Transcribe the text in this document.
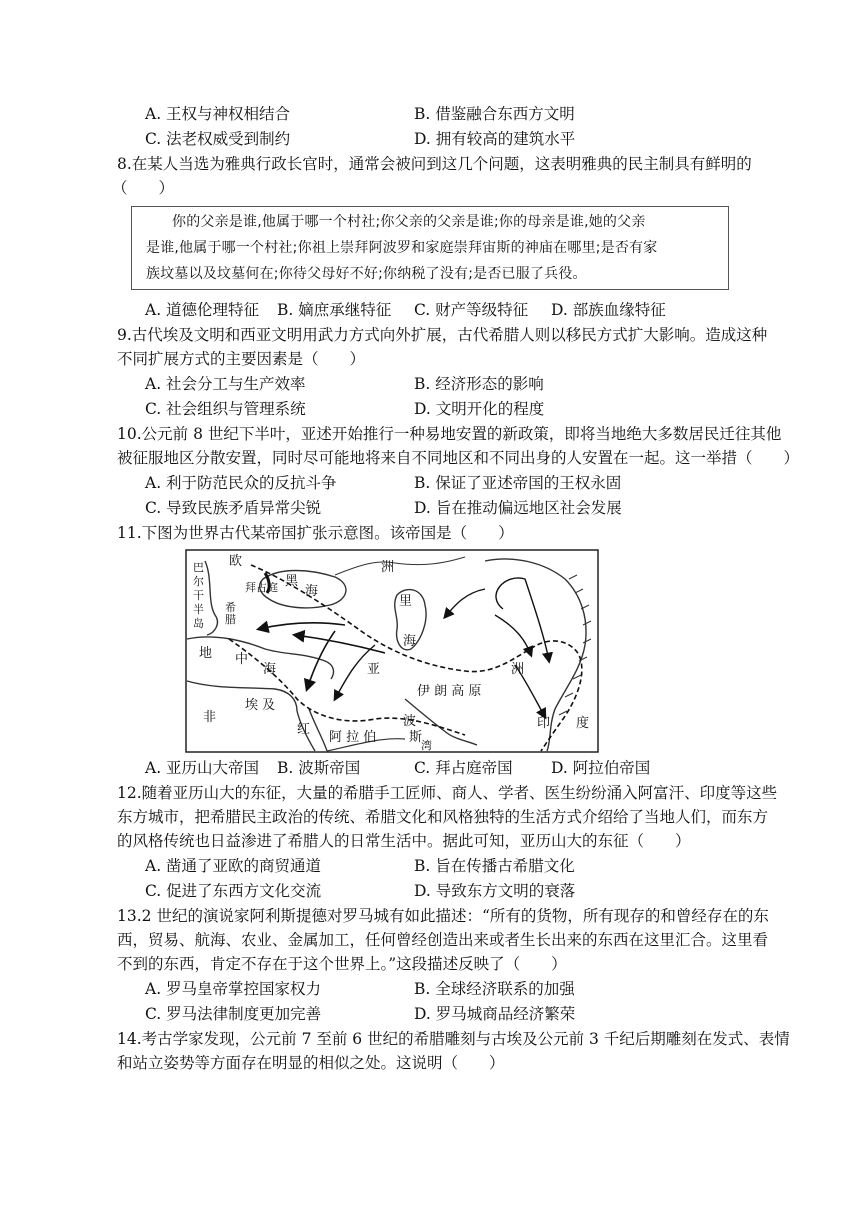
A. 王权与神权相结合	B. 借鉴融合东西方文明
C. 法老权威受到制约	D. 拥有较高的建筑水平
8.在某人当选为雅典行政长官时，通常会被问到这几个问题，这表明雅典的民主制具有鲜明的
（　　）
你的父亲是谁,他属于哪一个村社;你父亲的父亲是谁;你的母亲是谁,她的父亲
是谁,他属于哪一个村社;你祖上崇拜阿波罗和家庭崇拜宙斯的神庙在哪里;是否有家
族坟墓以及坟墓何在;你待父母好不好;你纳税了没有;是否已服了兵役。
A. 道德伦理特征 B. 嫡庶承继特征 C. 财产等级特征 D. 部族血缘特征
9.古代埃及文明和西亚文明用武力方式向外扩展，古代希腊人则以移民方式扩大影响。造成这种
不同扩展方式的主要因素是（　　）
A. 社会分工与生产效率	B. 经济形态的影响
C. 社会组织与管理系统	D. 文明开化的程度
10.公元前 8 世纪下半叶，亚述开始推行一种易地安置的新政策，即将当地绝大多数居民迁往其他
被征服地区分散安置，同时尽可能地将来自不同地区和不同出身的人安置在一起。这一举措（　　）
A. 利于防范民众的反抗斗争	B. 保证了亚述帝国的王权永固
C. 导致民族矛盾异常尖锐	D. 旨在推动偏远地区社会发展
11.下图为世界古代某帝国扩张示意图。该帝国是（　　）
欧	洲
巴
尔
干
半
岛
希
腊
拜占庭 黑
海
里
海
地 中
海	亚	洲
伊 朗 高 原
非
埃 及
红
阿 拉 伯
波
斯
湾
印　　度
A. 亚历山大帝国 B. 波斯帝国	C. 拜占庭帝国 D. 阿拉伯帝国
12.随着亚历山大的东征，大量的希腊手工匠师、商人、学者、医生纷纷涌入阿富汗、印度等这些
东方城市，把希腊民主政治的传统、希腊文化和风格独特的生活方式介绍给了当地人们，而东方
的风格传统也日益渗进了希腊人的日常生活中。据此可知，亚历山大的东征（　　）
A. 凿通了亚欧的商贸通道	B. 旨在传播古希腊文化
C. 促进了东西方文化交流	D. 导致东方文明的衰落
13.2 世纪的演说家阿利斯提德对罗马城有如此描述：“所有的货物，所有现存的和曾经存在的东
西，贸易、航海、农业、金属加工，任何曾经创造出来或者生长出来的东西在这里汇合。这里看
不到的东西，肯定不存在于这个世界上。”这段描述反映了（　　）
A. 罗马皇帝掌控国家权力	B. 全球经济联系的加强
C. 罗马法律制度更加完善	D. 罗马城商品经济繁荣
14.考古学家发现，公元前 7 至前 6 世纪的希腊雕刻与古埃及公元前 3 千纪后期雕刻在发式、表情
和站立姿势等方面存在明显的相似之处。这说明（　　）
